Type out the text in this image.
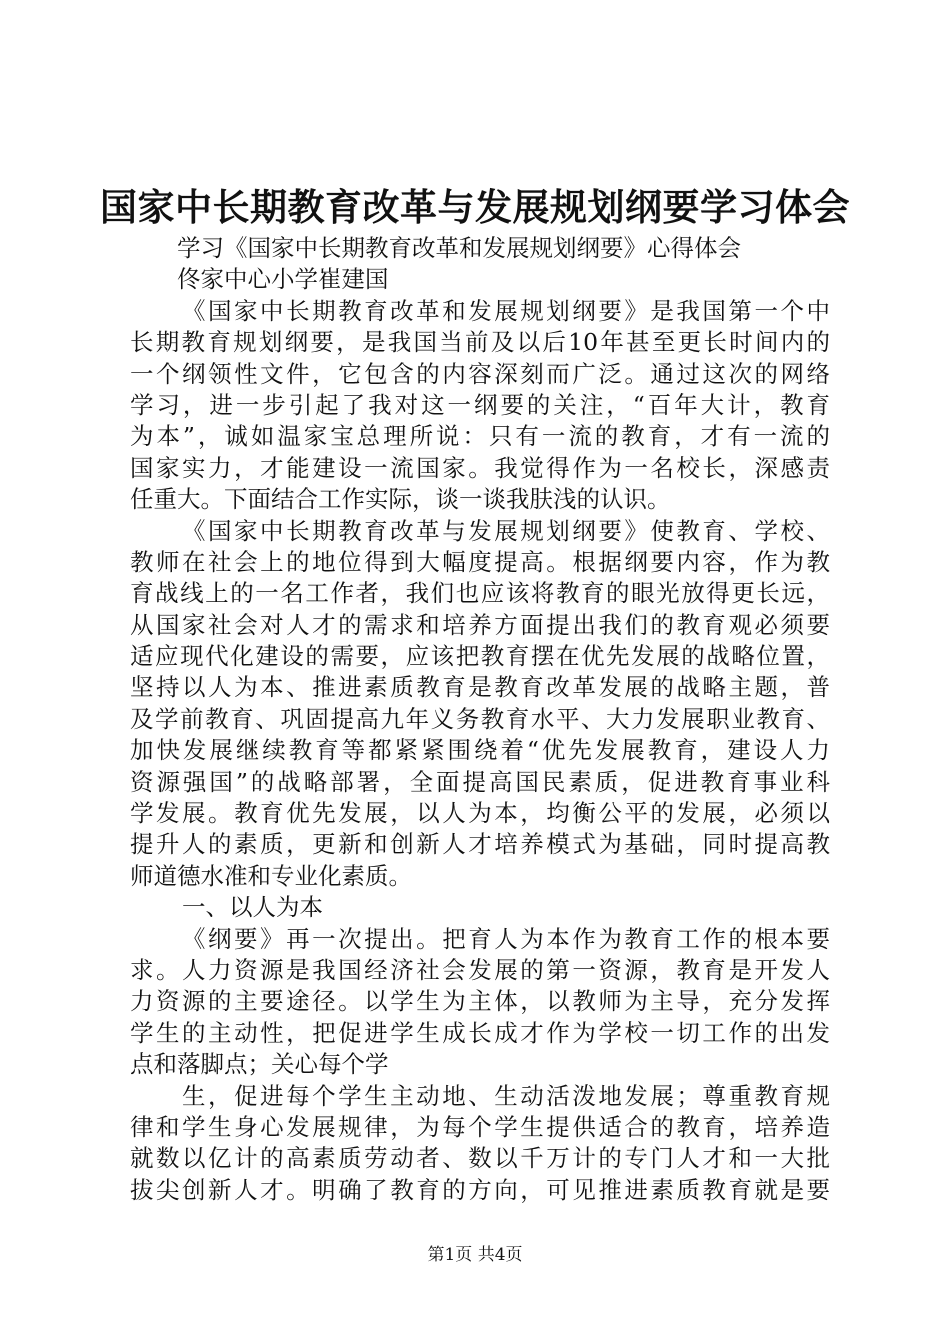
国家中长期教育改革与发展规划纲要学习体会
学习《国家中长期教育改革和发展规划纲要》心得体会
佟家中心小学崔建国
《国家中长期教育改革和发展规划纲要》是我国第一个中
长期教育规划纲要，是我国当前及以后10年甚至更长时间内的
一个纲领性文件，它包含的内容深刻而广泛。通过这次的网络
学习，进一步引起了我对这一纲要的关注，“百年大计，教育
为本”，诚如温家宝总理所说：只有一流的教育，才有一流的
国家实力，才能建设一流国家。我觉得作为一名校长，深感责
任重大。下面结合工作实际，谈一谈我肤浅的认识。
《国家中长期教育改革与发展规划纲要》使教育、学校、
教师在社会上的地位得到大幅度提高。根据纲要内容，作为教
育战线上的一名工作者，我们也应该将教育的眼光放得更长远，
从国家社会对人才的需求和培养方面提出我们的教育观必须要
适应现代化建设的需要，应该把教育摆在优先发展的战略位置，
坚持以人为本、推进素质教育是教育改革发展的战略主题，普
及学前教育、巩固提高九年义务教育水平、大力发展职业教育、
加快发展继续教育等都紧紧围绕着“优先发展教育，建设人力
资源强国”的战略部署，全面提高国民素质，促进教育事业科
学发展。教育优先发展，以人为本，均衡公平的发展，必须以
提升人的素质，更新和创新人才培养模式为基础，同时提高教
师道德水准和专业化素质。
一、以人为本
《纲要》再一次提出。把育人为本作为教育工作的根本要
求。人力资源是我国经济社会发展的第一资源，教育是开发人
力资源的主要途径。以学生为主体，以教师为主导，充分发挥
学生的主动性，把促进学生成长成才作为学校一切工作的出发
点和落脚点；关心每个学
生，促进每个学生主动地、生动活泼地发展；尊重教育规
律和学生身心发展规律，为每个学生提供适合的教育，培养造
就数以亿计的高素质劳动者、数以千万计的专门人才和一大批
拔尖创新人才。明确了教育的方向，可见推进素质教育就是要
第1页 共4页
